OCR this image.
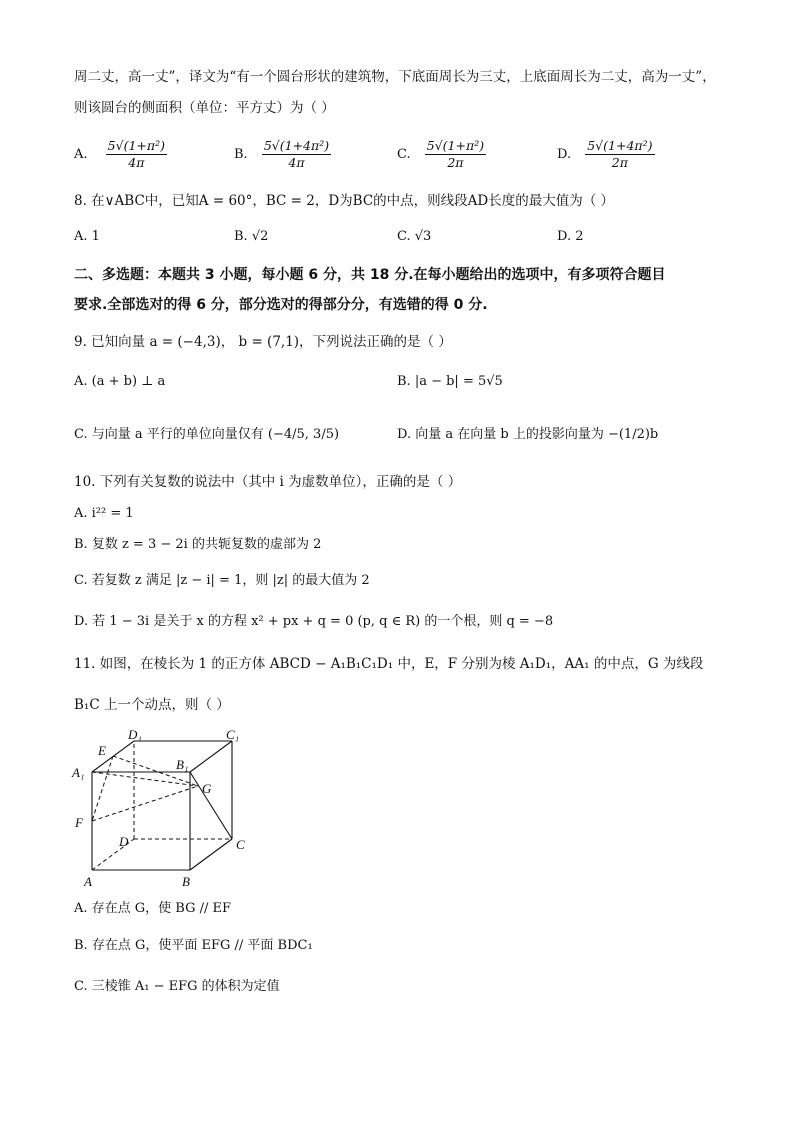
周二丈，高一丈”，译文为“有一个圆台形状的建筑物，下底面周长为三丈，上底面周长为二丈，高为一丈”，
则该圆台的侧面积（单位：平方丈）为（ ）
A. $\frac{\text{5√(1+π²)}}{4\pi}$	B. $\frac{\text{5√(1+4π²)}}{4\pi}$	C. $\frac{\text{5√(1+π²)}}{2\pi}$	D. $\frac{\text{5√(1+4π²)}}{2\pi}$
8. 在∨ABC中，已知A = 60°，BC = 2，D为BC的中点，则线段AD长度的最大值为（ ）
A. 1	B. √2	C. √3	D. 2
二、多选题：本题共 3 小题，每小题 6 分，共 18 分.在每小题给出的选项中，有多项符合题目
要求.全部选对的得 6 分，部分选对的得部分分，有选错的得 0 分.
9. 已知向量 a = (−4,3)， b = (7,1)，下列说法正确的是（ ）
A. (a + b) ⊥ a	B. |a − b| = 5√5
C. 与向量 a 平行的单位向量仅有 (−4/5, 3/5)	D. 向量 a 在向量 b 上的投影向量为 −(1/2)b
10. 下列有关复数的说法中（其中 i 为虚数单位），正确的是（ ）
A. i²² = 1
B. 复数 z = 3 − 2i 的共轭复数的虚部为 2
C. 若复数 z 满足 |z − i| = 1，则 |z| 的最大值为 2
D. 若 1 − 3i 是关于 x 的方程 x² + px + q = 0 (p, q ∈ R) 的一个根，则 q = −8
11. 如图，在棱长为 1 的正方体 ABCD − A₁B₁C₁D₁ 中，E，F 分别为棱 A₁D₁，AA₁ 的中点，G 为线段
B₁C 上一个动点，则（ ）
D₁	C₁
E
A₁
B₁
G
F
D	C
A	B
A. 存在点 G，使 BG // EF
B. 存在点 G，使平面 EFG // 平面 BDC₁
C. 三棱锥 A₁ − EFG 的体积为定值
